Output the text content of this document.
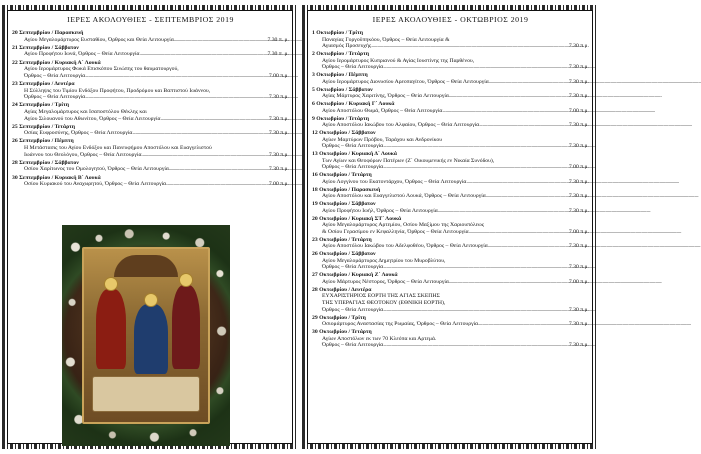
ΙΕΡΕΣ ΑΚΟΛΟΥΘΙΕΣ - ΣΕΠΤΕΜΒΡΙΟΣ 2019
20 Σεπτεμβρίου / Παρασκευή
Αγίου Μεγαλομάρτυρος Ευσταθίου, Όρθρος και Θεία Λειτουργία .....	7.30 π. μ.
21 Σεπτεμβρίου / Σάββατον
Αγίου Προφήτου Ιωνά, Όρθρος – Θεία Λειτουργία .....	7.30 π. μ.
22 Σεπτεμβρίου / Κυριακή Α΄ Λουκά
Αγίου Ιερομάρτυρος Φωκά Επισκόπου Σινώπης του θαυματουργού,
Όρθρος – Θεία Λειτουργία .....	7.00 π.μ.
23 Σεπτεμβρίου / Δευτέρα
Η Σύλληψις του Τιμίου Ενδόξου Προφήτου, Προδρόμου και Βαπτιστού Ιωάννου,
Όρθρος – Θεία Λειτουργία .....	7.30 π.μ.
24 Σεπτεμβρίου / Τρίτη
Αγίας Μεγαλομάρτυρος και Ισαποστόλου Θέκλης και
Αγίου Σιλουανού του Αθωνίτου, Όρθρος – Θεία Λειτουργία .....	7.30 π.μ.
25 Σεπτεμβρίου / Τετάρτη
Οσίας Ευφροσύνης, Όρθρος – Θεία Λειτουργία .....	7.30 π.μ.
26 Σεπτεμβρίου / Πέμπτη
Η Μετάστασις του Αγίου Ενδόξου και Πανευφήμου Αποστόλου και Ευαγγελιστού
Ιωάννου του Θεολόγου, Όρθρος – Θεία Λειτουργία .....	7.30 π.μ.
28 Σεπτεμβρίου / Σάββατον
Οσίου Χαρίτωνος του Ομολογητού, Όρθρος – Θεία Λειτουργία .....	7.30 π.μ.
30 Σεπτεμβρίου / Κυριακή Β΄ Λουκά
Οσίου Κυριακού του Αναχωρητού, Όρθρος – Θεία Λειτουργία .....	7.00 π.μ.
ΙΕΡΕΣ ΑΚΟΛΟΥΘΙΕΣ - ΟΚΤΩΒΡΙΟΣ 2019
1 Οκτωβρίου / Τρίτη
Παναγίας Γοργοϋπηκόου, Όρθρος – Θεία Λειτουργία &
Αγιασμός Προσευχής .....	7.30 π.μ.
2 Οκτωβρίου / Τετάρτη
Αγίου Ιερομάρτυρος Κυπριανού & Αγίας Ιουστίνης της Παρθένου,
Όρθρος – Θεία Λειτουργία .....	7.30 π.μ.
3 Οκτωβρίου / Πέμπτη
Αγίου Ιερομάρτυρος Διονυσίου Αρεοπαγίτου, Όρθρος – Θεία Λειτουργία .....	7.30 π.μ.
5 Οκτωβρίου / Σάββατον
Αγίας Μάρτυρος Χαριτίνης, Όρθρος – Θεία Λειτουργία .....	7.30 π.μ.
6 Οκτωβρίου / Κυριακή Γ΄ Λουκά
Αγίου Αποστόλου Θωμά, Όρθρος – Θεία Λειτουργία .....	7.00 π.μ.
9 Οκτωβρίου / Τετάρτη
Αγίου Αποστόλου Ιακώβου του Αλφαίου, Όρθρος – Θεία Λειτουργία .....	7.30 π.μ.
12 Οκτωβρίου / Σάββατον
Αγίων Μαρτύρων Πρόβου, Ταράχου και Ανδρονίκου
Όρθρος – Θεία Λειτουργία .....	7.30 π.μ.
13 Οκτωβρίου / Κυριακή Δ΄ Λουκά
Των Αγίων και Θεοφόρων Πατέρων (Ζ΄ Οικουμενικής εν Νικαία Συνόδου),
Όρθρος – Θεία Λειτουργία .....	7.00 π.μ.
16 Οκτωβρίου / Τετάρτη
Αγίου Λογγίνου του Εκατοντάρχου, Όρθρος – Θεία Λειτουργία .....	7.30 π.μ.
18 Οκτωβρίου / Παρασκευή
Αγίου Αποστόλου και Ευαγγελιστού Λουκά, Όρθρος – Θεία Λειτουργία .....	7.30 π.μ.
19 Οκτωβρίου / Σάββατον
Αγίου Προφήτου Ιωήλ, Όρθρος – Θεία Λειτουργία .....	7.30 π.μ.
20 Οκτωβρίου / Κυριακή ΣΤ΄ Λουκά
Αγίου Μεγαλομάρτυρος Αρτεμίου, Οσίου Μαξίμου της Χαριουπόλεως
& Οσίου Γερασίμου εν Κεφαλληνία, Όρθρος – Θεία Λειτουργία .....	7.00 π.μ.
23 Οκτωβρίου / Τετάρτη
Αγίου Αποστόλου Ιακώβου του Αδελφοθέου, Όρθρος – Θεία Λειτουργία .....	7.30 π.μ.
26 Οκτωβρίου / Σάββατον
Αγίου Μεγαλομάρτυρος Δημητρίου του Μυροβλύτου,
Όρθρος – Θεία Λειτουργία .....	7.30 π.μ.
27 Οκτωβρίου / Κυριακή Ζ΄ Λουκά
Αγίου Μάρτυρος Νέστορος, Όρθρος – Θεία Λειτουργία .....	7.00 π.μ.
28 Οκτωβρίου / Δευτέρα
ΕΥΧΑΡΙΣΤΗΡΙΟΣ ΕΟΡΤΗ ΤΗΣ ΑΓΙΑΣ ΣΚΕΠΗΣ
ΤΗΣ ΥΠΕΡΑΓΙΑΣ ΘΕΟΤΟΚΟΥ (ΕΘΝΙΚΗ ΕΟΡΤΗ),
Όρθρος – Θεία Λειτουργία .....	7.30 π.μ.
29 Οκτωβρίου / Τρίτη
Οσιομάρτυρος Αναστασίας της Ρωμαίας, Όρθρος – Θεία Λειτουργία .....	7.30 π.μ.
30 Οκτωβρίου / Τετάρτη
Αγίων Αποστόλων εκ των 70 Κλεόπα και Αρτεμά.
Όρθρος – Θεία Λειτουργία .....	7.30 π.μ.
